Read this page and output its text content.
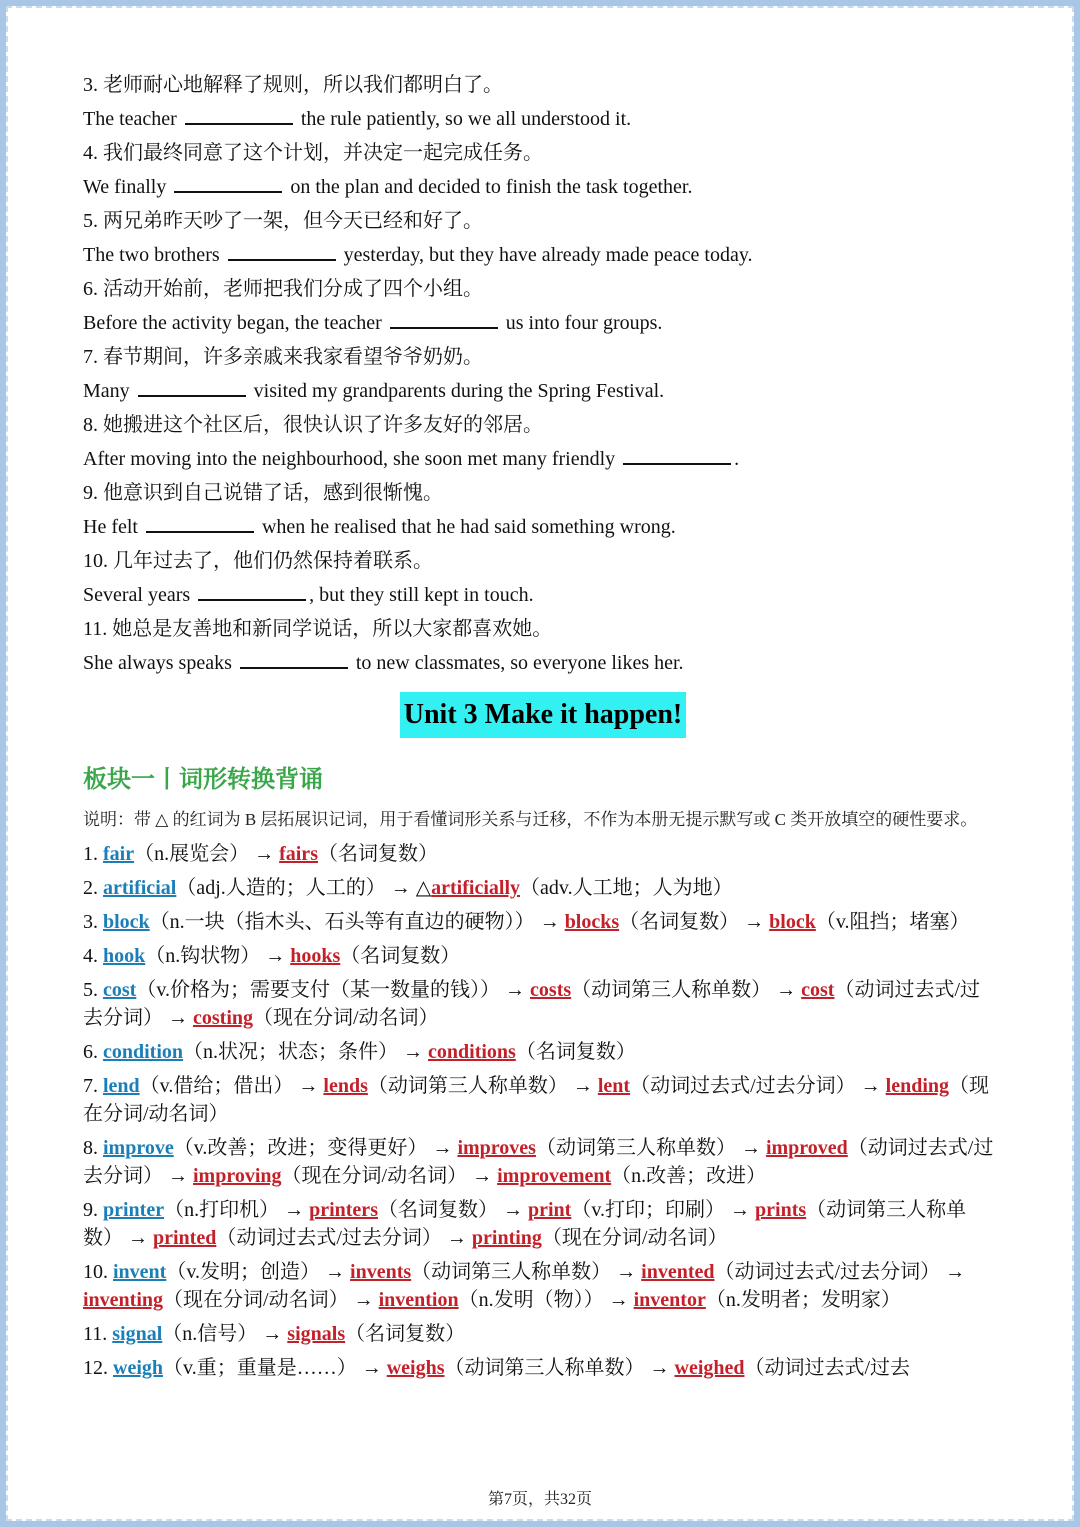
3. 老师耐心地解释了规则，所以我们都明白了。
The teacher	the rule patiently, so we all understood it.
4. 我们最终同意了这个计划，并决定一起完成任务。
We finally	on the plan and decided to finish the task together.
5. 两兄弟昨天吵了一架，但今天已经和好了。
The two brothers	yesterday, but they have already made peace today.
6. 活动开始前，老师把我们分成了四个小组。
Before the activity began, the teacher	us into four groups.
7. 春节期间，许多亲戚来我家看望爷爷奶奶。
Many	visited my grandparents during the Spring Festival.
8. 她搬进这个社区后，很快认识了许多友好的邻居。
After moving into the neighbourhood, she soon met many friendly	.
9. 他意识到自己说错了话，感到很惭愧。
He felt	when he realised that he had said something wrong.
10. 几年过去了，他们仍然保持着联系。
Several years	, but they still kept in touch.
11. 她总是友善地和新同学说话，所以大家都喜欢她。
She always speaks	to new classmates, so everyone likes her.
Unit 3 Make it happen!
板块一丨词形转换背诵
说明：带 △ 的红词为 B 层拓展识记词，用于看懂词形关系与迁移，不作为本册无提示默写或 C 类开放填空的硬性要求。
1. fair（n.展览会） → fairs（名词复数）
2. artificial（adj.人造的；人工的） → △artificially（adv.人工地；人为地）
3. block（n.一块（指木头、石头等有直边的硬物）） → blocks（名词复数） → block（v.阻挡；堵塞）
4. hook（n.钩状物） → hooks（名词复数）
5. cost（v.价格为；需要支付（某一数量的钱）） → costs（动词第三人称单数） → cost（动词过去式/过去分词） → costing（现在分词/动名词）
6. condition（n.状况；状态；条件） → conditions（名词复数）
7. lend（v.借给；借出） → lends（动词第三人称单数） → lent（动词过去式/过去分词） → lending（现在分词/动名词）
8. improve（v.改善；改进；变得更好） → improves（动词第三人称单数） → improved（动词过去式/过去分词） → improving（现在分词/动名词） → improvement（n.改善；改进）
9. printer（n.打印机） → printers（名词复数） → print（v.打印；印刷） → prints（动词第三人称单数） → printed（动词过去式/过去分词） → printing（现在分词/动名词）
10. invent（v.发明；创造） → invents（动词第三人称单数） → invented（动词过去式/过去分词） → inventing（现在分词/动名词） → invention（n.发明（物）） → inventor（n.发明者；发明家）
11. signal（n.信号） → signals（名词复数）
12. weigh（v.重；重量是……） → weighs（动词第三人称单数） → weighed（动词过去式/过去
第7页，共32页
